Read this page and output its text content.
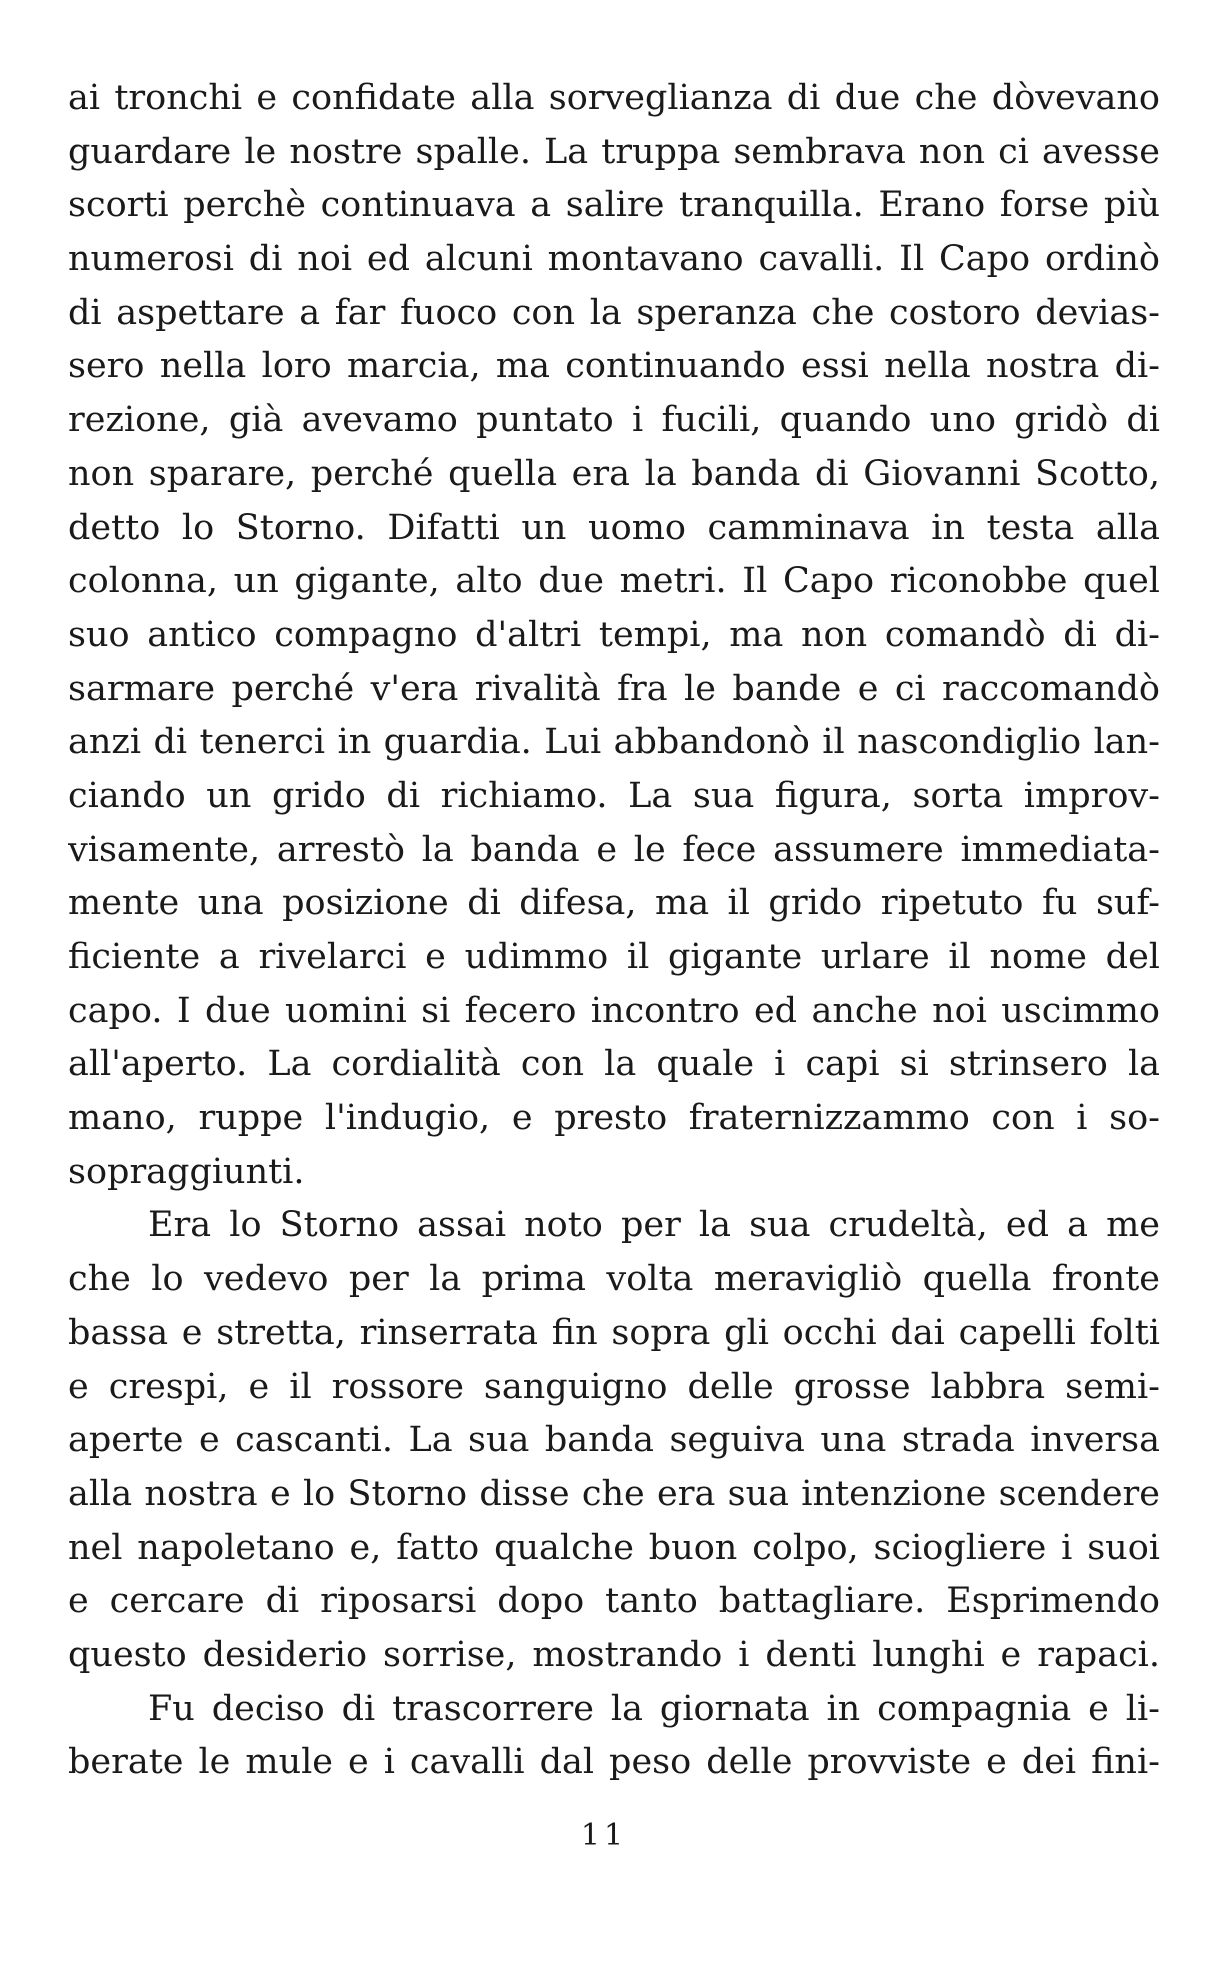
ai tronchi e confidate alla sorveglianza di due che dòvevano
guardare le nostre spalle. La truppa sembrava non ci avesse
scorti perchè continuava a salire tranquilla. Erano forse più
numerosi di noi ed alcuni montavano cavalli. Il Capo ordinò
di aspettare a far fuoco con la speranza che costoro devias-
sero nella loro marcia, ma continuando essi nella nostra di-
rezione, già avevamo puntato i fucili, quando uno gridò di
non sparare, perché quella era la banda di Giovanni Scotto,
detto lo Storno. Difatti un uomo camminava in testa alla
colonna, un gigante, alto due metri. Il Capo riconobbe quel
suo antico compagno d'altri tempi, ma non comandò di di-
sarmare perché v'era rivalità fra le bande e ci raccomandò
anzi di tenerci in guardia. Lui abbandonò il nascondiglio lan-
ciando un grido di richiamo. La sua figura, sorta improv-
visamente, arrestò la banda e le fece assumere immediata-
mente una posizione di difesa, ma il grido ripetuto fu suf-
ficiente a rivelarci e udimmo il gigante urlare il nome del
capo. I due uomini si fecero incontro ed anche noi uscimmo
all'aperto. La cordialità con la quale i capi si strinsero la
mano, ruppe l'indugio, e presto fraternizzammo con i so-
sopraggiunti.
Era lo Storno assai noto per la sua crudeltà, ed a me
che lo vedevo per la prima volta meravigliò quella fronte
bassa e stretta, rinserrata fin sopra gli occhi dai capelli folti
e crespi, e il rossore sanguigno delle grosse labbra semi-
aperte e cascanti. La sua banda seguiva una strada inversa
alla nostra e lo Storno disse che era sua intenzione scendere
nel napoletano e, fatto qualche buon colpo, sciogliere i suoi
e cercare di riposarsi dopo tanto battagliare. Esprimendo
questo desiderio sorrise, mostrando i denti lunghi e rapaci.
Fu deciso di trascorrere la giornata in compagnia e li-
berate le mule e i cavalli dal peso delle provviste e dei fini-
11
